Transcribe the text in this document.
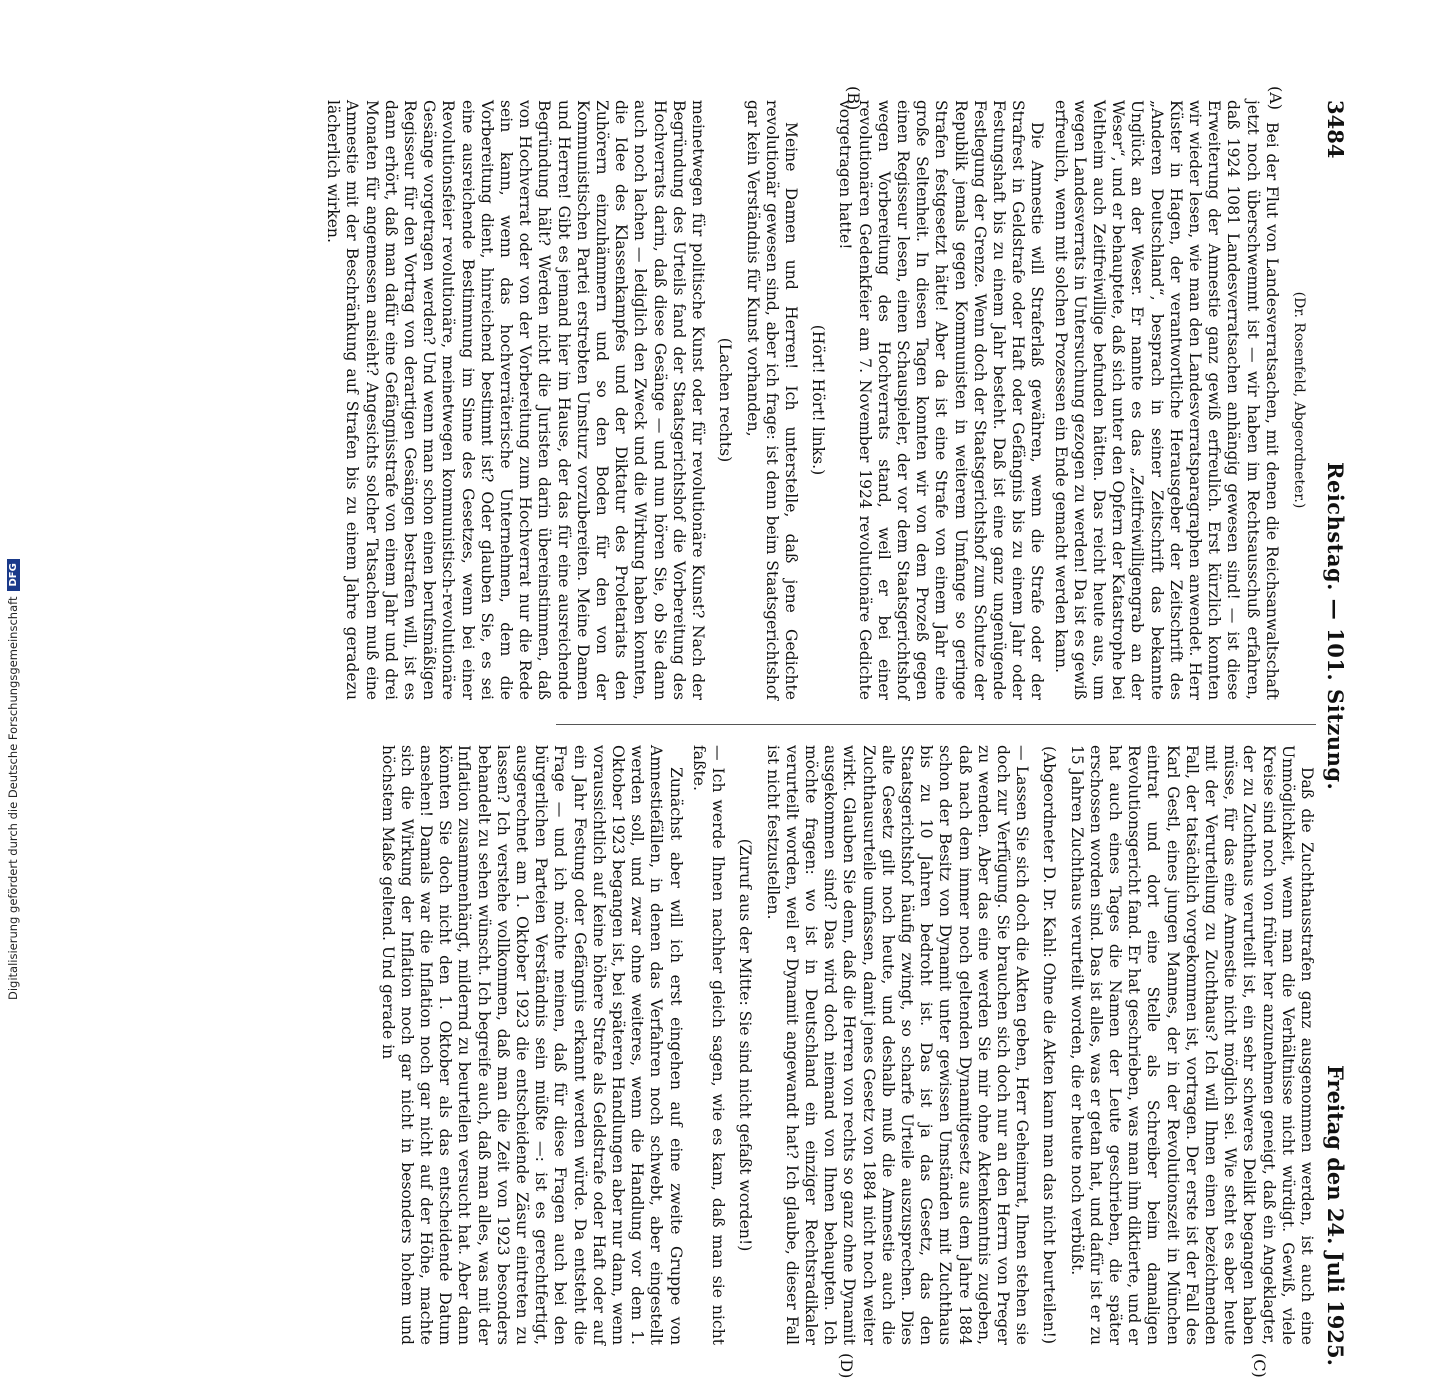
3484
Reichstag. — 101. Sitzung.
Freitag den 24. Juli 1925.
(A)
(B)
(C)
(D)

(Dr. Rosenfeld, Abgeordneter.)

Bei der Flut von Landesverratsachen, mit denen die Reichsanwaltschaft jetzt noch überschwemmt ist — wir haben im Rechtsausschuß erfahren, daß 1924 1081 Landesverratsachen anhängig gewesen sind! — ist diese Erweiterung der Amnestie ganz gewiß erfreulich. Erst kürzlich konnten wir wieder lesen, wie man den Landesverratsparagraphen anwendet. Herr Küster in Hagen, der verantwortliche Herausgeber der Zeitschrift des „Anderen Deutschland“, besprach in seiner Zeitschrift das bekannte Unglück an der Weser. Er nannte es das „Zeitfreiwilligengrab an der Weser“, und er behauptete, daß sich unter den Opfern der Katastrophe bei Veltheim auch Zeitfreiwillige befunden hätten. Das reicht heute aus, um wegen Landesverrats in Untersuchung gezogen zu werden! Da ist es gewiß erfreulich, wenn mit solchen Prozessen ein Ende gemacht werden kann.

Die Amnestie will Straferlaß gewähren, wenn die Strafe oder der Strafrest in Geldstrafe oder Haft oder Gefängnis bis zu einem Jahr oder Festungshaft bis zu einem Jahr besteht. Daß ist eine ganz ungenügende Festlegung der Grenze. Wenn doch der Staatsgerichtshof zum Schutze der Republik jemals gegen Kommunisten in weiterem Umfange so geringe Strafen festgesetzt hätte! Aber da ist eine Strafe von einem Jahr eine große Seltenheit. In diesen Tagen konnten wir von dem Prozeß gegen einen Regisseur lesen, einen Schauspieler, der vor dem Staatsgerichtshof wegen Vorbereitung des Hochverrats stand, weil er bei einer revolutionären Gedenkfeier am 7. November 1924 revolutionäre Gedichte vorgetragen hatte!

(Hört! Hört! links.)

Meine Damen und Herren! Ich unterstelle, daß jene Gedichte revolutionär gewesen sind, aber ich frage: ist denn beim Staatsgerichtshof gar kein Verständnis für Kunst vorhanden,

(Lachen rechts)

meinetwegen für politische Kunst oder für revolutionäre Kunst? Nach der Begründung des Urteils fand der Staatsgerichtshof die Vorbereitung des Hochverrats darin, daß diese Gesänge — und nun hören Sie, ob Sie dann auch noch lachen — lediglich den Zweck und die Wirkung haben konnten, die Idee des Klassenkampfes und der Diktatur des Proletariats den Zuhörern einzuhämmern und so den Boden für den von der Kommunistischen Partei erstrebten Umsturz vorzubereiten. Meine Damen und Herren! Gibt es jemand hier im Hause, der das für eine ausreichende Begründung hält? Werden nicht die Juristen darin übereinstimmen, daß von Hochverrat oder von der Vorbereitung zum Hochverrat nur die Rede sein kann, wenn das hochverräterische Unternehmen, dem die Vorbereitung dient, hinreichend bestimmt ist? Oder glauben Sie, es sei eine ausreichende Bestimmung im Sinne des Gesetzes, wenn bei einer Revolutionsfeier revolutionäre, meinetwegen kommunistisch-revolutionäre Gesänge vorgetragen werden? Und wenn man schon einen berufsmäßigen Regisseur für den Vortrag von derartigen Gesängen bestrafen will, ist es dann erhört, daß man dafür eine Gefängnisstrafe von einem Jahr und drei Monaten für angemessen ansieht? Angesichts solcher Tatsachen muß eine Amnestie mit der Beschränkung auf Strafen bis zu einem Jahre geradezu lächerlich wirken.

Daß die Zuchthausstrafen ganz ausgenommen werden, ist auch eine Unmöglichkeit, wenn man die Verhältnisse nicht würdigt. Gewiß, viele Kreise sind noch von früher her anzunehmen geneigt, daß ein Angeklagter, der zu Zuchthaus verurteilt ist, ein sehr schweres Delikt begangen haben müsse, für das eine Amnestie nicht möglich sei. Wie steht es aber heute mit der Verurteilung zu Zuchthaus? Ich will Ihnen einen bezeichnenden Fall, der tatsächlich vorgekommen ist, vortragen. Der erste ist der Fall des Karl Gestl, eines jungen Mannes, der in der Revolutionszeit in München eintrat und dort eine Stelle als Schreiber beim damaligen Revolutionsgericht fand. Er hat geschrieben, was man ihm diktierte, und er hat auch eines Tages die Namen der Leute geschrieben, die später erschossen worden sind. Das ist alles, was er getan hat, und dafür ist er zu 15 Jahren Zuchthaus verurteilt worden, die er heute noch verbüßt.

(Abgeordneter D. Dr. Kahl: Ohne die Akten kann man das nicht beurteilen!)

— Lassen Sie sich doch die Akten geben, Herr Geheimrat, Ihnen stehen sie doch zur Verfügung. Sie brauchen sich doch nur an den Herrn von Preger zu wenden. Aber das eine werden Sie mir ohne Aktenkenntnis zugeben, daß nach dem immer noch geltenden Dynamitgesetz aus dem Jahre 1884 schon der Besitz von Dynamit unter gewissen Umständen mit Zuchthaus bis zu 10 Jahren bedroht ist. Das ist ja das Gesetz, das den Staatsgerichtshof häufig zwingt, so scharfe Urteile auszusprechen. Dies alte Gesetz gilt noch heute, und deshalb muß die Amnestie auch die Zuchthausurteile umfassen, damit jenes Gesetz von 1884 nicht noch weiter wirkt. Glauben Sie denn, daß die Herren von rechts so ganz ohne Dynamit ausgekommen sind? Das wird doch niemand von Ihnen behaupten. Ich möchte fragen: wo ist in Deutschland ein einziger Rechtsradikaler verurteilt worden, weil er Dynamit angewandt hat? Ich glaube, dieser Fall ist nicht festzustellen.

(Zuruf aus der Mitte: Sie sind nicht gefaßt worden!)

— Ich werde Ihnen nachher gleich sagen, wie es kam, daß man sie nicht faßte.

Zunächst aber will ich erst eingehen auf eine zweite Gruppe von Amnestiefällen, in denen das Verfahren noch schwebt, aber eingestellt werden soll, und zwar ohne weiteres, wenn die Handlung vor dem 1. Oktober 1923 begangen ist, bei späteren Handlungen aber nur dann, wenn voraussichtlich auf keine höhere Strafe als Geldstrafe oder Haft oder auf ein Jahr Festung oder Gefängnis erkannt werden würde. Da entsteht die Frage — und ich möchte meinen, daß für diese Fragen auch bei den bürgerlichen Parteien Verständnis sein müßte —: ist es gerechtfertigt, ausgerechnet am 1. Oktober 1923 die entscheidende Zäsur eintreten zu lassen? Ich verstehe vollkommen, daß man die Zeit von 1923 besonders behandelt zu sehen wünscht. Ich begreife auch, daß man alles, was mit der Inflation zusammenhängt, mildernd zu beurteilen versucht hat. Aber dann könnten Sie doch nicht den 1. Oktober als das entscheidende Datum ansehen! Damals war die Inflation noch gar nicht auf der Höhe, machte sich die Wirkung der Inflation noch gar nicht in besonders hohem und höchstem Maße geltend. Und gerade in

Digitalisierung gefördert durch die Deutsche Forschungsgemeinschaft
DFG
